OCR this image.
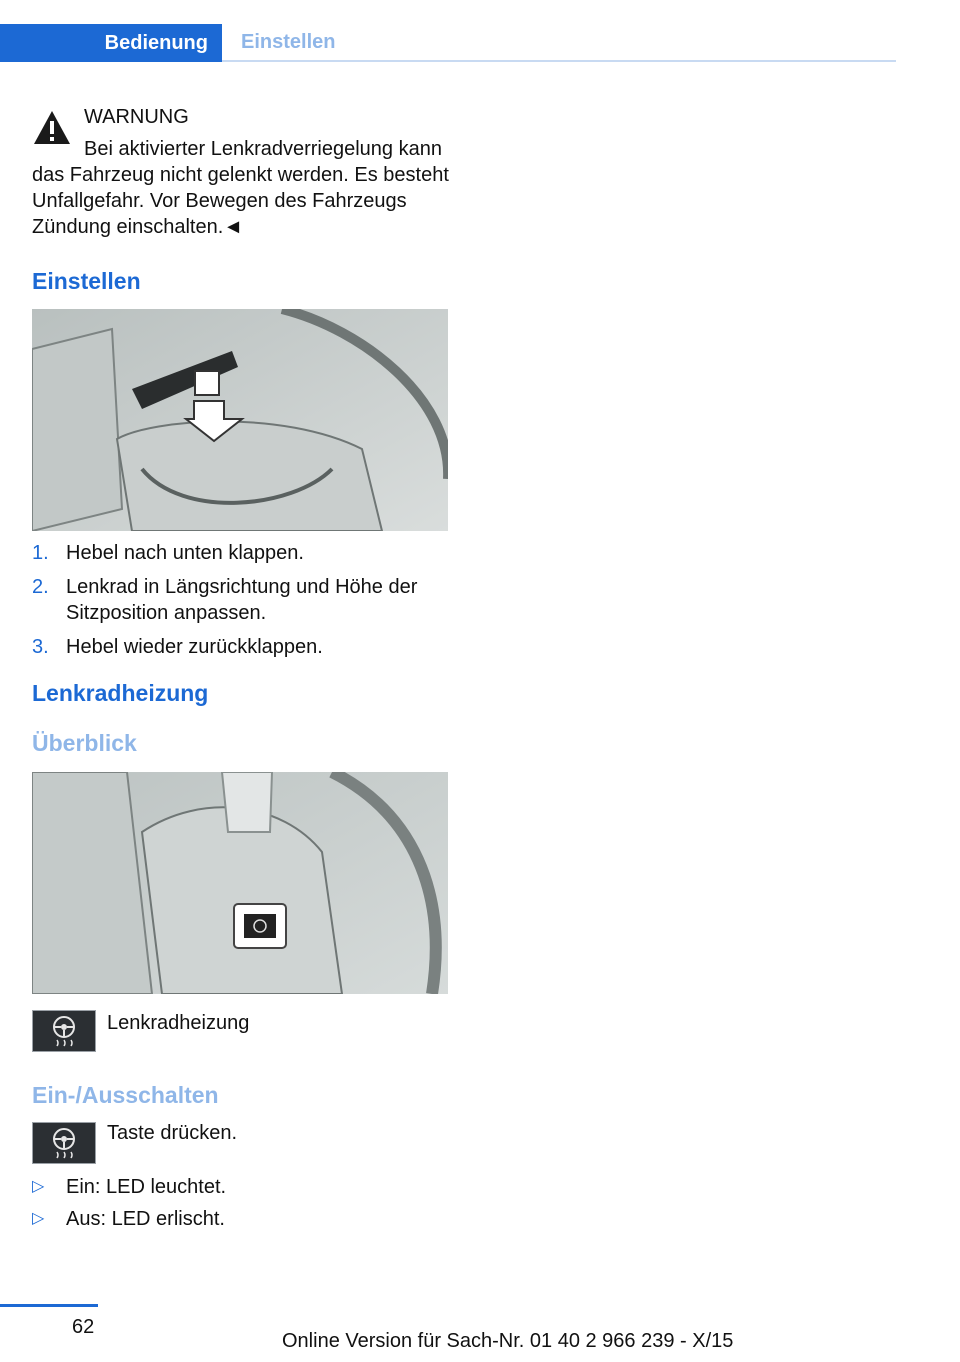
Bedienung	Einstellen
WARNUNG
Bei aktivierter Lenkradverriegelung kann
das Fahrzeug nicht gelenkt werden. Es besteht Unfallgefahr. Vor Bewegen des Fahrzeugs Zündung einschalten.◄
Einstellen
1. Hebel nach unten klappen.
2. Lenkrad in Längsrichtung und Höhe der Sitzposition anpassen.
3. Hebel wieder zurückklappen.
Lenkradheizung
Überblick
Lenkradheizung
Ein-/Ausschalten
Taste drücken.
▷	Ein: LED leuchtet.
▷	Aus: LED erlischt.
62
Online Version für Sach-Nr. 01 40 2 966 239 - X/15
